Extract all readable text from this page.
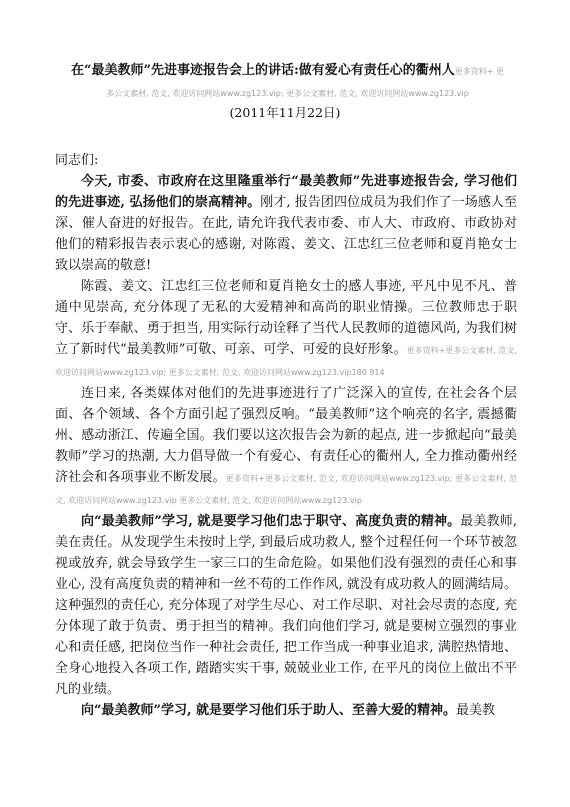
在“最美教师”先进事迹报告会上的讲话:做有爱心有责任心的衢州人更多资料+ 更
多公文素材, 范文, 欢迎访问网站www.zg123.vip; 更多公文素材, 范文, 欢迎访问网站www.zg123.vip
(2011年11月22日)

同志们:

今天, 市委、市政府在这里隆重举行“最美教师”先进事迹报告会, 学习他们的先进事迹, 弘扬他们的崇高精神。刚才, 报告团四位成员为我们作了一场感人至深、催人奋进的好报告。在此, 请允许我代表市委、市人大、市政府、市政协对他们的精彩报告表示衷心的感谢, 对陈霞、姜文、江忠红三位老师和夏肖艳女士致以崇高的敬意!

陈霞、姜文、江忠红三位老师和夏肖艳女士的感人事迹, 平凡中见不凡、普通中见崇高, 充分体现了无私的大爱精神和高尚的职业情操。三位教师忠于职守、乐于奉献、勇于担当, 用实际行动诠释了当代人民教师的道德风尚, 为我们树立了新时代“最美教师”可敬、可亲、可学、可爱的良好形象。更多资料+更多公文素材, 范文, 欢迎访问网站www.zg123.vip; 更多公文素材, 范文, 欢迎访问网站www.zg123.vip180 914

连日来, 各类媒体对他们的先进事迹进行了广泛深入的宣传, 在社会各个层面、各个领域、各个方面引起了强烈反响。“最美教师”这个响亮的名字, 震撼衢州、感动浙江、传遍全国。我们要以这次报告会为新的起点, 进一步掀起向“最美教师”学习的热潮, 大力倡导做一个有爱心、有责任心的衢州人, 全力推动衢州经济社会和各项事业不断发展。更多资料+更多公文素材, 范文, 欢迎访问网站www.zg123.vip; 更多公文素材, 范文, 欢迎访问网站www.zg123.vip 更多公文素材, 范文, 欢迎访问网站www.zg123.vip

向“最美教师”学习, 就是要学习他们忠于职守、高度负责的精神。最美教师, 美在责任。从发现学生未按时上学, 到最后成功救人, 整个过程任何一个环节被忽视或放弃, 就会导致学生一家三口的生命危险。如果他们没有强烈的责任心和事业心, 没有高度负责的精神和一丝不苟的工作作风, 就没有成功救人的圆满结局。这种强烈的责任心, 充分体现了对学生尽心、对工作尽职、对社会尽责的态度, 充分体现了敢于负责、勇于担当的精神。我们向他们学习, 就是要树立强烈的事业心和责任感, 把岗位当作一种社会责任, 把工作当成一种事业追求, 满腔热情地、全身心地投入各项工作, 踏踏实实干事, 兢兢业业工作, 在平凡的岗位上做出不平凡的业绩。

向“最美教师”学习, 就是要学习他们乐于助人、至善大爱的精神。最美教
